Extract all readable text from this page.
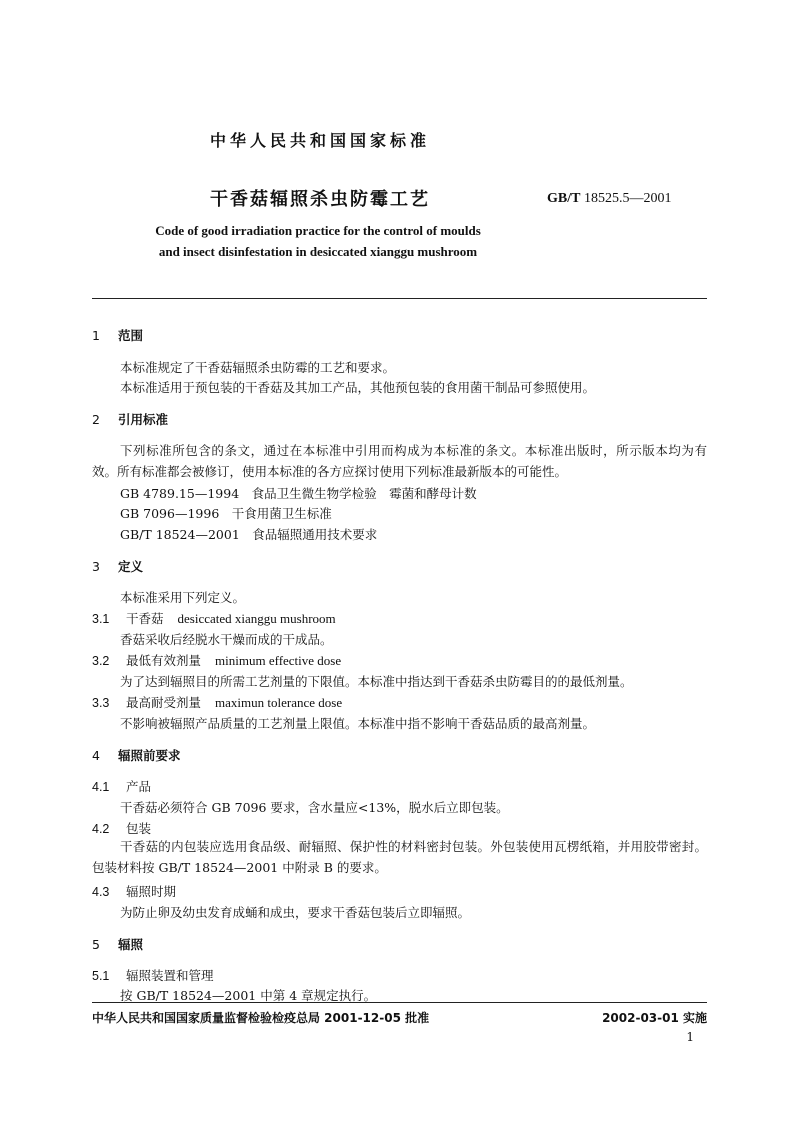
中华人民共和国国家标准
干香菇辐照杀虫防霉工艺	GB/T 18525.5—2001
Code of good irradiation practice for the control of moulds
and insect disinfestation in desiccated xianggu mushroom
1 范围
本标准规定了干香菇辐照杀虫防霉的工艺和要求。
本标准适用于预包装的干香菇及其加工产品，其他预包装的食用菌干制品可参照使用。
2 引用标准
下列标准所包含的条文，通过在本标准中引用而构成为本标准的条文。本标准出版时，所示版本均为有效。所有标准都会被修订，使用本标准的各方应探讨使用下列标准最新版本的可能性。
GB 4789.15—1994　食品卫生微生物学检验　霉菌和酵母计数
GB 7096—1996　干食用菌卫生标准
GB/T 18524—2001　食品辐照通用技术要求
3 定义
本标准采用下列定义。
3.1 干香菇 desiccated xianggu mushroom
香菇采收后经脱水干燥而成的干成品。
3.2 最低有效剂量 minimum effective dose
为了达到辐照目的所需工艺剂量的下限值。本标准中指达到干香菇杀虫防霉目的的最低剂量。
3.3 最高耐受剂量 maximun tolerance dose
不影响被辐照产品质量的工艺剂量上限值。本标准中指不影响干香菇品质的最高剂量。
4 辐照前要求
4.1 产品
干香菇必须符合 GB 7096 要求，含水量应<13%，脱水后立即包装。
4.2 包装
干香菇的内包装应选用食品级、耐辐照、保护性的材料密封包装。外包装使用瓦楞纸箱，并用胶带密封。包装材料按 GB/T 18524—2001 中附录 B 的要求。
4.3 辐照时期
为防止卵及幼虫发育成蛹和成虫，要求干香菇包装后立即辐照。
5 辐照
5.1 辐照装置和管理
按 GB/T 18524—2001 中第 4 章规定执行。
中华人民共和国国家质量监督检验检疫总局 2001-12-05 批准	2002-03-01 实施
1
